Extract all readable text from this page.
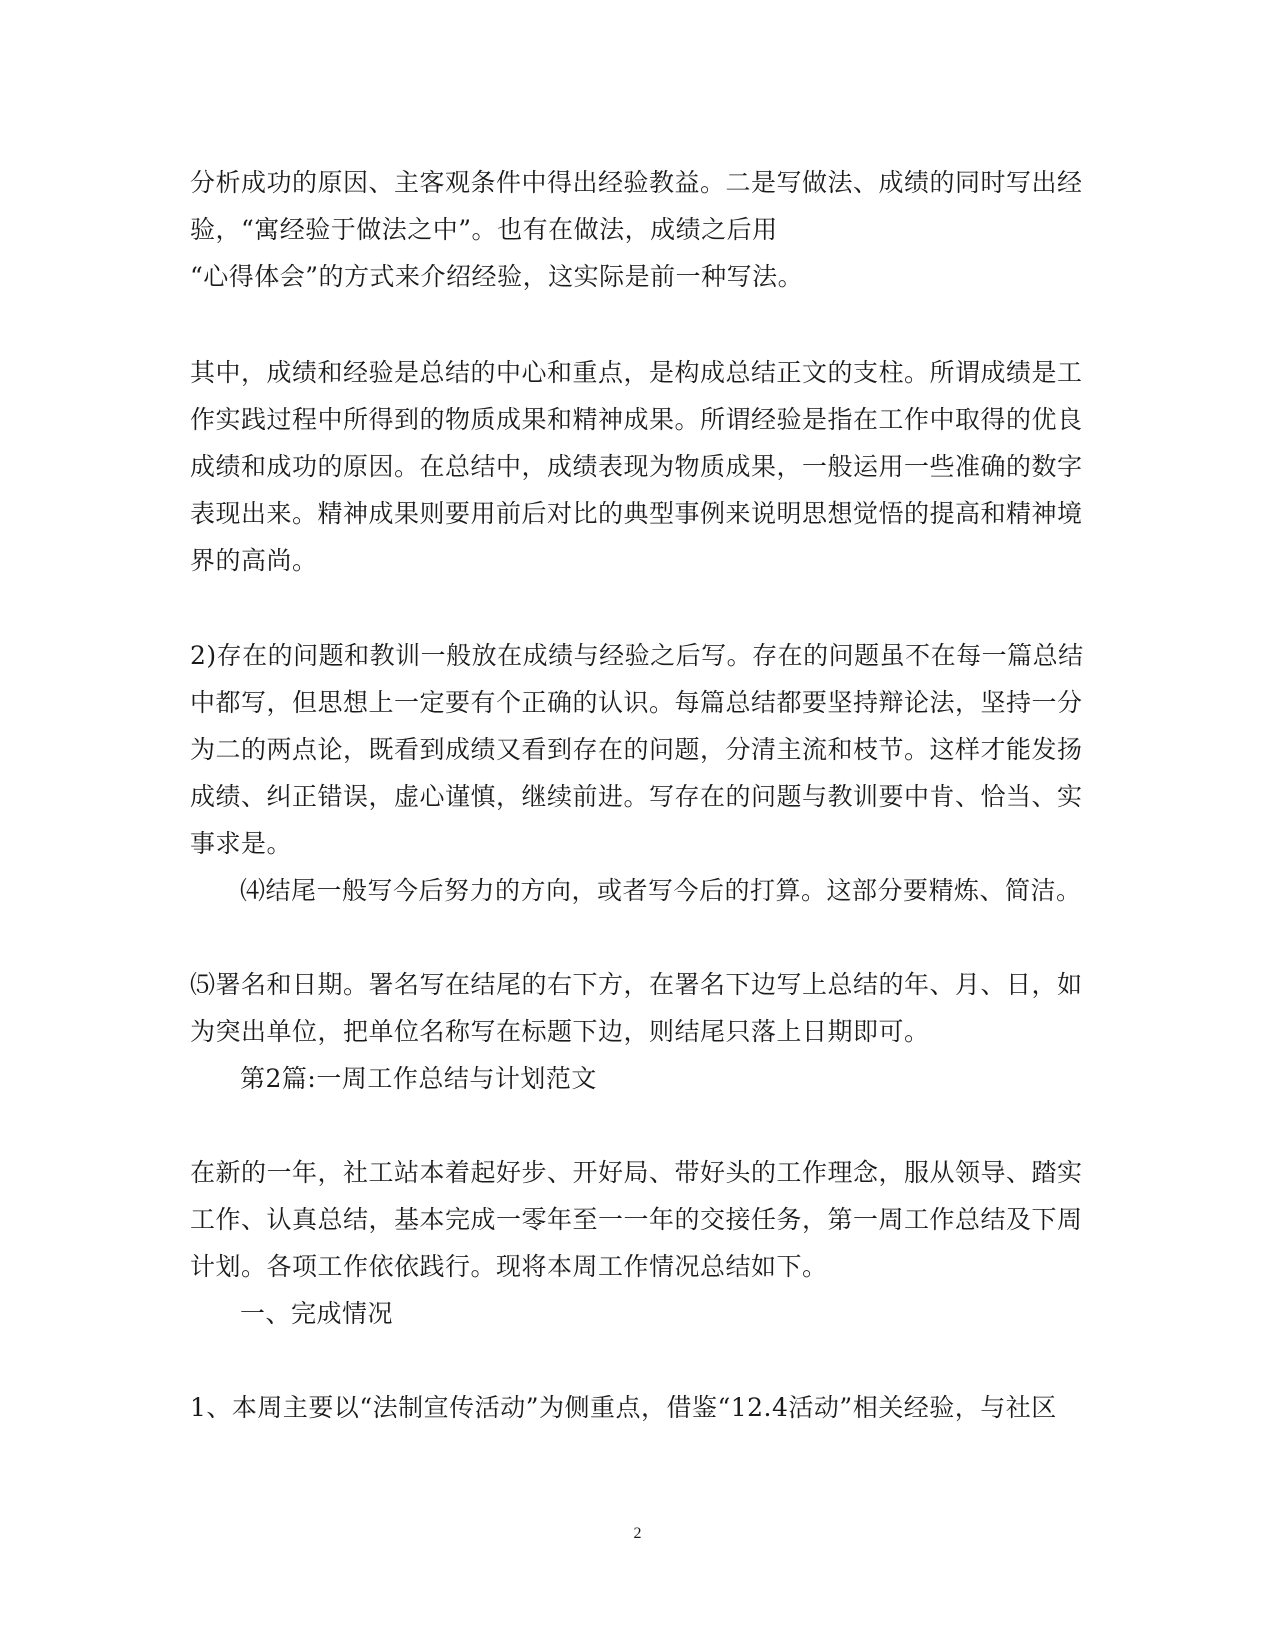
分析成功的原因、主客观条件中得出经验教益。二是写做法、成绩的同时写出经
验，“寓经验于做法之中”。也有在做法，成绩之后用
“心得体会”的方式来介绍经验，这实际是前一种写法。
其中，成绩和经验是总结的中心和重点，是构成总结正文的支柱。所谓成绩是工
作实践过程中所得到的物质成果和精神成果。所谓经验是指在工作中取得的优良
成绩和成功的原因。在总结中，成绩表现为物质成果，一般运用一些准确的数字
表现出来。精神成果则要用前后对比的典型事例来说明思想觉悟的提高和精神境
界的高尚。
2)存在的问题和教训一般放在成绩与经验之后写。存在的问题虽不在每一篇总结
中都写，但思想上一定要有个正确的认识。每篇总结都要坚持辩论法，坚持一分
为二的两点论，既看到成绩又看到存在的问题，分清主流和枝节。这样才能发扬
成绩、纠正错误，虚心谨慎，继续前进。写存在的问题与教训要中肯、恰当、实
事求是。
⑷结尾一般写今后努力的方向，或者写今后的打算。这部分要精炼、简洁。
⑸署名和日期。署名写在结尾的右下方，在署名下边写上总结的年、月、日，如
为突出单位，把单位名称写在标题下边，则结尾只落上日期即可。
第2篇:一周工作总结与计划范文
在新的一年，社工站本着起好步、开好局、带好头的工作理念，服从领导、踏实
工作、认真总结，基本完成一零年至一一年的交接任务，第一周工作总结及下周
计划。各项工作依依践行。现将本周工作情况总结如下。
一、完成情况
1、本周主要以“法制宣传活动”为侧重点，借鉴“12.4活动”相关经验，与社区
2
